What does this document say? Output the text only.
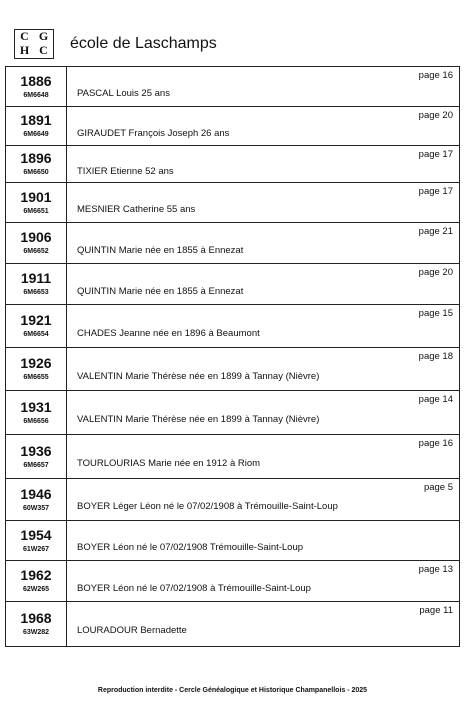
C G
H C	école de Laschamps
1886
6M6648
page 16
PASCAL Louis 25 ans
1891
6M6649
page 20
GIRAUDET François Joseph 26 ans
1896
6M6650
page 17
TIXIER Etienne 52 ans
1901
6M6651
page 17
MESNIER Catherine 55 ans
1906
6M6652
page 21
QUINTIN Marie née en 1855 à Ennezat
1911
6M6653
page 20
QUINTIN Marie née en 1855 à Ennezat
1921
6M6654
page 15
CHADES Jeanne née en 1896 à Beaumont
1926
6M6655
page 18
VALENTIN Marie Thérèse née en 1899 à Tannay (Nièvre)
1931
6M6656
page 14
VALENTIN Marie Thérèse née en 1899 à Tannay (Nièvre)
1936
6M6657
page 16
TOURLOURIAS Marie née en 1912 à Riom
1946
60W357
page 5
BOYER Léger Léon né le 07/02/1908 à Trémouille-Saint-Loup
1954
61W267	BOYER Léon né le 07/02/1908 Trémouille-Saint-Loup
1962
62W265
page 13
BOYER Léon né le 07/02/1908 à Trémouille-Saint-Loup
1968
63W282
page 11
LOURADOUR Bernadette
Reproduction interdite - Cercle Généalogique et Historique Champanellois - 2025
